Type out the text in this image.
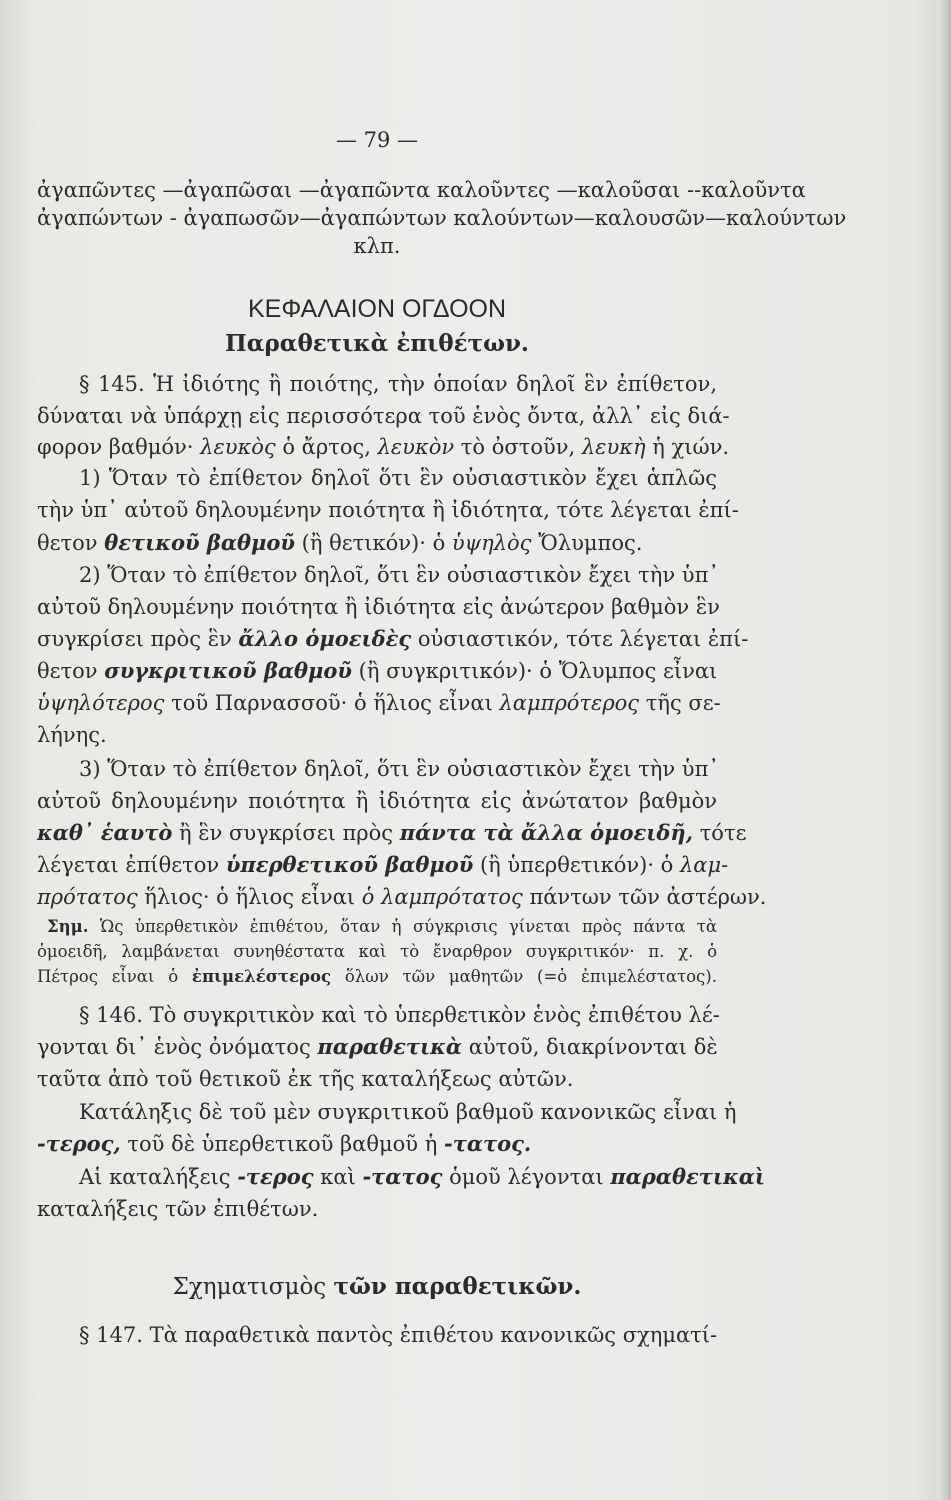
— 79 —
ἀγαπῶντες —ἀγαπῶσαι —ἀγαπῶντα καλοῦντες —καλοῦσαι --καλοῦντα
ἀγαπώντων - ἀγαπωσῶν—ἀγαπώντων καλούντων—καλουσῶν—καλούντων
κλπ.
ΚΕΦΑΛΑΙΟΝ ΟΓΔΟΟΝ
Παραθετικὰ ἐπιθέτων.
§ 145. Ἡ ἰδιότης ἢ ποιότης, τὴν ὁποίαν δηλοῖ ἓν ἐπίθετον,
δύναται νὰ ὑπάρχῃ εἰς περισσότερα τοῦ ἑνὸς ὄντα, ἀλλ᾽ εἰς διά-
φορον βαθμόν· λευκὸς ὁ ἄρτος, λευκὸν τὸ ὀστοῦν, λευκὴ ἡ χιών.
1) Ὅταν τὸ ἐπίθετον δηλοῖ ὅτι ἓν οὐσιαστικὸν ἔχει ἁπλῶς
τὴν ὑπ᾽ αὐτοῦ δηλουμένην ποιότητα ἢ ἰδιότητα, τότε λέγεται ἐπί-
θετον θετικοῦ βαθμοῦ (ἢ θετικόν)· ὁ ὑψηλὸς Ὄλυμπος.
2) Ὅταν τὸ ἐπίθετον δηλοῖ, ὅτι ἓν οὐσιαστικὸν ἔχει τὴν ὑπ᾽
αὐτοῦ δηλουμένην ποιότητα ἢ ἰδιότητα εἰς ἀνώτερον βαθμὸν ἓν
συγκρίσει πρὸς ἓν ἄλλο ὁμοειδὲς οὐσιαστικόν, τότε λέγεται ἐπί-
θετον συγκριτικοῦ βαθμοῦ (ἢ συγκριτικόν)· ὁ Ὄλυμπος εἶναι
ὑψηλότερος τοῦ Παρνασσοῦ· ὁ ἥλιος εἶναι λαμπρότερος τῆς σε-
λήνης.
3) Ὅταν τὸ ἐπίθετον δηλοῖ, ὅτι ἓν οὐσιαστικὸν ἔχει τὴν ὑπ᾽
αὐτοῦ δηλουμένην ποιότητα ἢ ἰδιότητα εἰς ἀνώτατον βαθμὸν
καθ᾽ ἑαυτὸ ἢ ἓν συγκρίσει πρὸς πάντα τὰ ἄλλα ὁμοειδῆ, τότε
λέγεται ἐπίθετον ὑπερθετικοῦ βαθμοῦ (ἢ ὑπερθετικόν)· ὁ λαμ-
πρότατος ἥλιος· ὁ ἥλιος εἶναι ὁ λαμπρότατος πάντων τῶν ἀστέρων.
Σημ. Ὡς ὑπερθετικὸν ἐπιθέτου, ὅταν ἡ σύγκρισις γίνεται πρὸς πάντα τὰ
ὁμοειδῆ, λαμβάνεται συνηθέστατα καὶ τὸ ἔναρθρον συγκριτικόν· π. χ. ὁ
Πέτρος εἶναι ὁ ἐπιμελέστερος ὅλων τῶν μαθητῶν (=ὁ ἐπιμελέστατος).
§ 146. Τὸ συγκριτικὸν καὶ τὸ ὑπερθετικὸν ἑνὸς ἐπιθέτου λέ-
γονται δι᾽ ἑνὸς ὀνόματος παραθετικὰ αὐτοῦ, διακρίνονται δὲ
ταῦτα ἀπὸ τοῦ θετικοῦ ἐκ τῆς καταλήξεως αὐτῶν.
Κατάληξις δὲ τοῦ μὲν συγκριτικοῦ βαθμοῦ κανονικῶς εἶναι ἡ
-τερος, τοῦ δὲ ὑπερθετικοῦ βαθμοῦ ἡ -τατος.
Αἱ καταλήξεις -τερος καὶ -τατος ὁμοῦ λέγονται παραθετικαὶ
καταλήξεις τῶν ἐπιθέτων.
Σχηματισμὸς τῶν παραθετικῶν.
§ 147. Τὰ παραθετικὰ παντὸς ἐπιθέτου κανονικῶς σχηματί-
